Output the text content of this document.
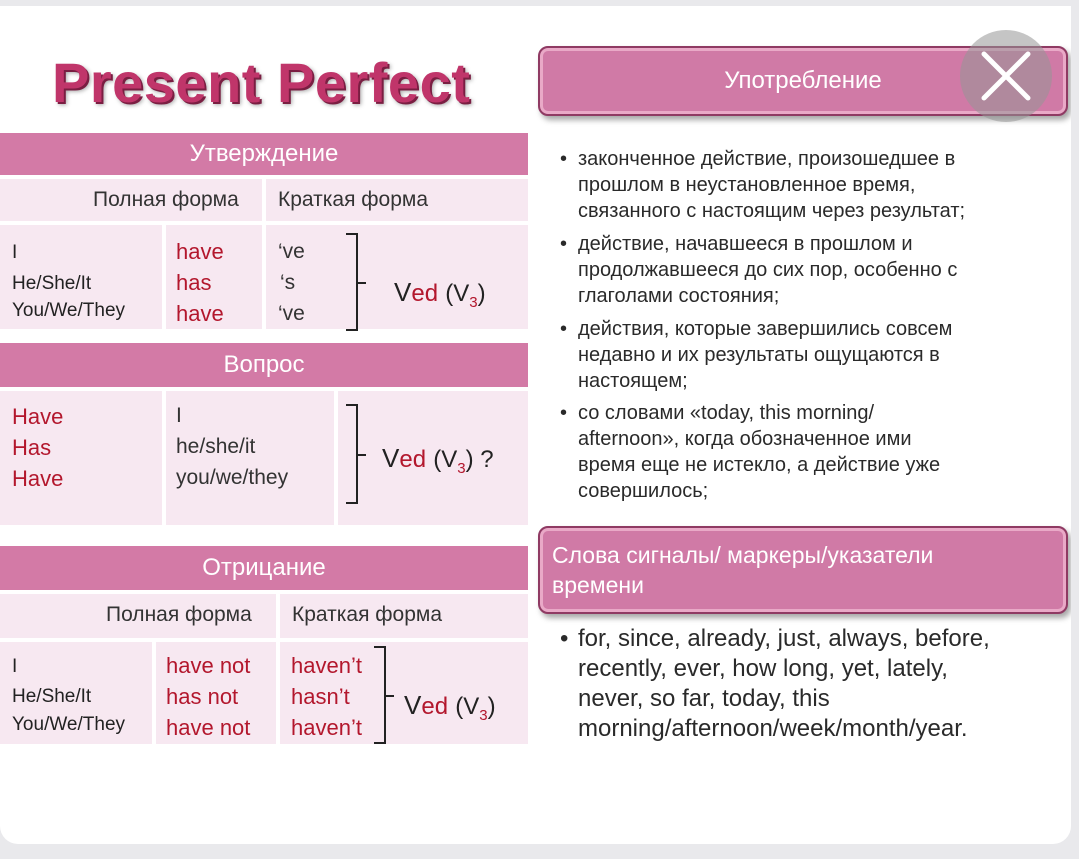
Present Perfect
Утверждение
Полная форма Краткая форма
I
He/She/It
You/We/They
have
has
have
‘ve
‘s
‘ve
Ved $(V_3)$
Вопрос
Have
Has
Have
I
he/she/it
you/we/they
Ved $(V_3)$ ?
Отрицание
Полная форма Краткая форма
I
He/She/It
You/We/They
have not
has not
have not
haven’t
hasn’t
haven’t
Ved $(V_3)$
Употребление
• законченное действие, произошедшее в
прошлом в неустановленное время,
связанного с настоящим через результат;
• действие, начавшееся в прошлом и
продолжавшееся до сих пор, особенно с
глаголами состояния;
• действия, которые завершились совсем
недавно и их результаты ощущаются в
настоящем;
• со словами «today, this morning/
afternoon», когда обозначенное ими
время еще не истекло, а действие уже
совершилось;
Слова сигналы/ маркеры/указатели
времени
• for, since, already, just, always, before,
recently, ever, how long, yet, lately,
never, so far, today, this
morning/afternoon/week/month/year.
